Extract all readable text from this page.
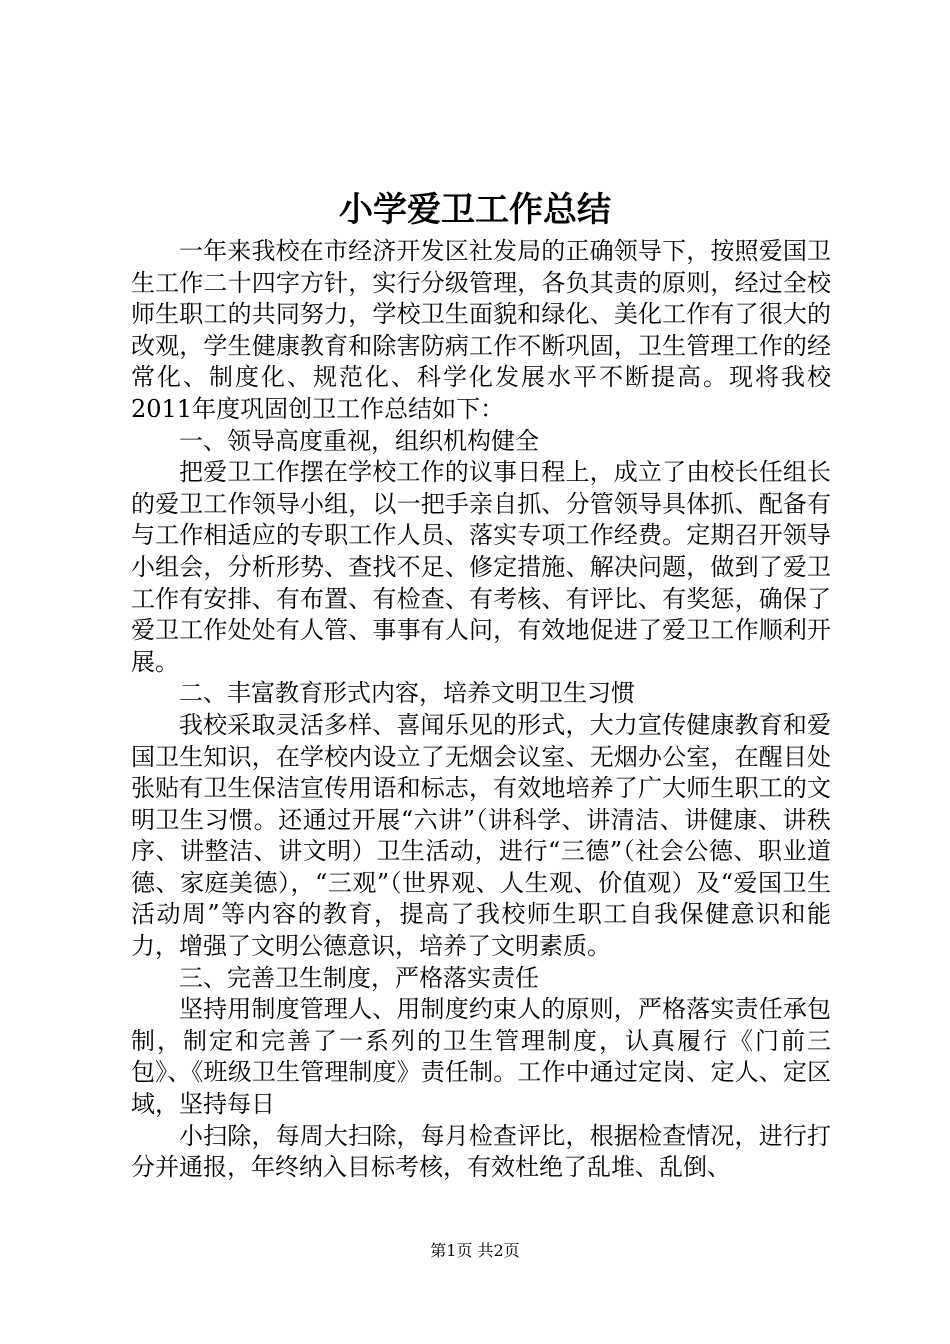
小学爱卫工作总结

一年来我校在市经济开发区社发局的正确领导下，按照爱国卫生工作二十四字方针，实行分级管理，各负其责的原则，经过全校师生职工的共同努力，学校卫生面貌和绿化、美化工作有了很大的改观，学生健康教育和除害防病工作不断巩固，卫生管理工作的经常化、制度化、规范化、科学化发展水平不断提高。现将我校2011年度巩固创卫工作总结如下：

一、领导高度重视，组织机构健全

把爱卫工作摆在学校工作的议事日程上，成立了由校长任组长的爱卫工作领导小组，以一把手亲自抓、分管领导具体抓、配备有与工作相适应的专职工作人员、落实专项工作经费。定期召开领导小组会，分析形势、查找不足、修定措施、解决问题，做到了爱卫工作有安排、有布置、有检查、有考核、有评比、有奖惩，确保了爱卫工作处处有人管、事事有人问，有效地促进了爱卫工作顺利开展。

二、丰富教育形式内容，培养文明卫生习惯

我校采取灵活多样、喜闻乐见的形式，大力宣传健康教育和爱国卫生知识，在学校内设立了无烟会议室、无烟办公室，在醒目处张贴有卫生保洁宣传用语和标志，有效地培养了广大师生职工的文明卫生习惯。还通过开展“六讲”（讲科学、讲清洁、讲健康、讲秩序、讲整洁、讲文明）卫生活动，进行“三德”（社会公德、职业道德、家庭美德），“三观”（世界观、人生观、价值观）及“爱国卫生活动周”等内容的教育，提高了我校师生职工自我保健意识和能力，增强了文明公德意识，培养了文明素质。

三、完善卫生制度，严格落实责任

坚持用制度管理人、用制度约束人的原则，严格落实责任承包制，制定和完善了一系列的卫生管理制度，认真履行《门前三包》、《班级卫生管理制度》责任制。工作中通过定岗、定人、定区域，坚持每日

小扫除，每周大扫除，每月检查评比，根据检查情况，进行打分并通报，年终纳入目标考核，有效杜绝了乱堆、乱倒、

第1页 共2页
